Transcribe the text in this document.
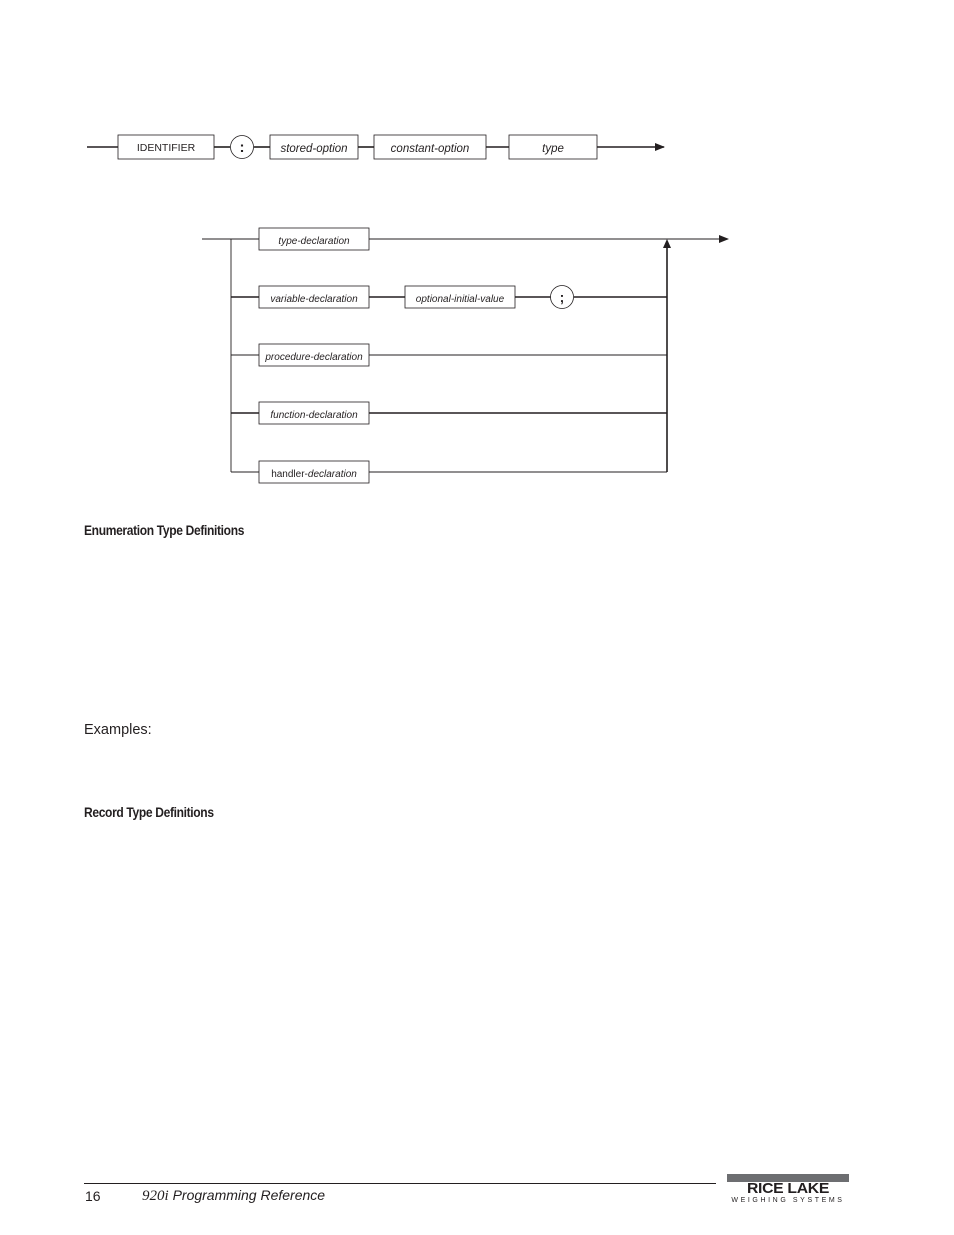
IDENTIFIER	:	stored-option	constant-option	type
type-declaration
variable-declaration	optional-initial-value	;
procedure-declaration
function-declaration
handler-declaration
Enumeration Type Definitions
Examples:
Record Type Definitions
16	920i Programming Reference	RICE LAKE
WEIGHING SYSTEMS
